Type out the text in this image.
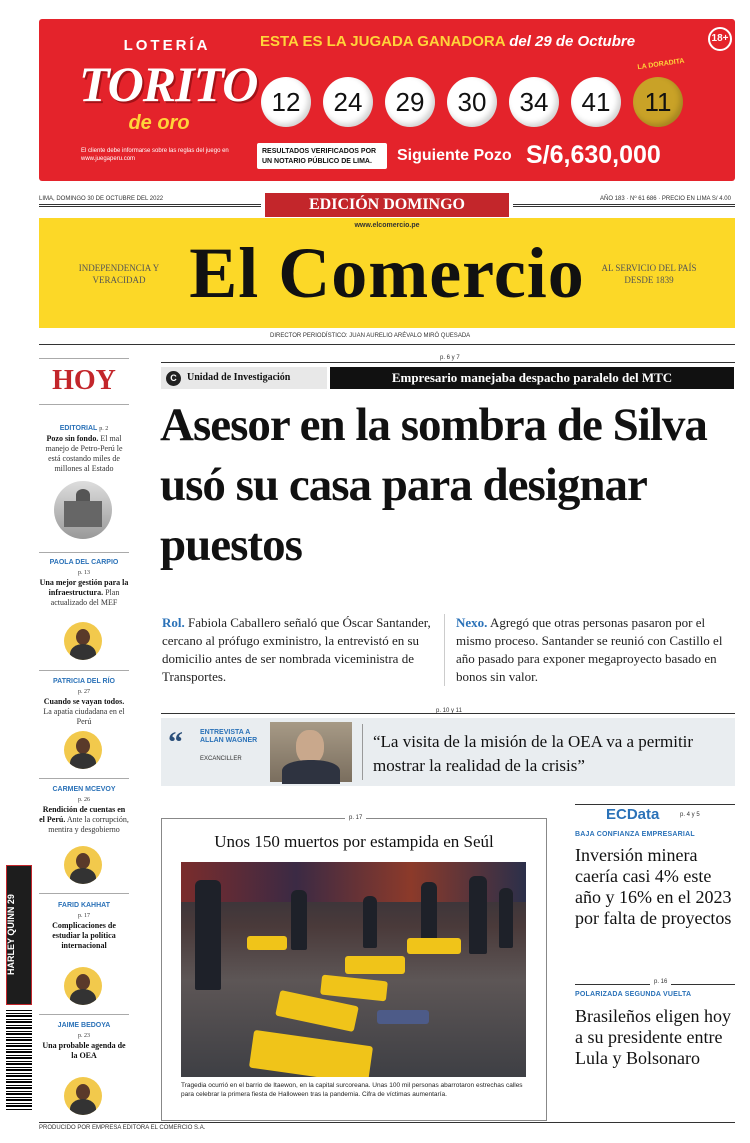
LOTERÍA
TORITO
de oro
El cliente debe informarse sobre las reglas del juego en www.juegaperu.com
ESTA ES LA JUGADA GANADORA del 29 de Octubre	18+
12	24	29	30	34	41
LA DORADITA
11
RESULTADOS VERIFICADOS POR UN NOTARIO PÚBLICO DE LIMA.	Siguiente Pozo S/6,630,000
LIMA, DOMINGO 30 DE OCTUBRE DEL 2022	AÑO 183 · Nº 61 686 · PRECIO EN LIMA S/ 4.00
EDICIÓN DOMINGO
www.elcomercio.pe
El Comercio
INDEPENDENCIA Y VERACIDAD
AL SERVICIO DEL PAÍS DESDE 1839
DIRECTOR PERIODÍSTICO: JUAN AURELIO ARÉVALO MIRÓ QUESADA
HOY
EDITORIAL p. 2
Pozo sin fondo. El mal manejo de Petro-Perú le está costando miles de millones al Estado
PAOLA DEL CARPIO
p. 13
Una mejor gestión para la infraestructura. Plan actualizado del MEF
PATRICIA DEL RÍO
p. 27
Cuando se vayan todos. La apatía ciudadana en el Perú
CARMEN MCEVOY
p. 26
Rendición de cuentas en el Perú. Ante la corrupción, mentira y desgobierno
FARID KAHHAT
p. 17
Complicaciones de estudiar la política internacional
JAIME BEDOYA
p. 23
Una probable agenda de la OEA
HARLEY QUINN 29
p. 6 y 7
Unidad de Investigación
C	Empresario manejaba despacho paralelo del MTC
Asesor en la sombra de Silva usó su casa para designar puestos
Rol. Fabiola Caballero señaló que Óscar Santander, cercano al prófugo exministro, la entrevistó en su domicilio antes de ser nombrada viceministra de Transportes.
Nexo. Agregó que otras personas pasaron por el mismo proceso. Santander se reunió con Castillo el año pasado para exponer megaproyecto basado en bonos sin valor.
p. 10 y 11
“ ENTREVISTA A ALLAN WAGNER
EXCANCILLER
“La visita de la misión de la OEA va a permitir mostrar la realidad de la crisis”
p. 17
Unos 150 muertos por estampida en Seúl
Tragedia ocurrió en el barrio de Itaewon, en la capital surcoreana. Unas 100 mil personas abarrotaron estrechas calles para celebrar la primera fiesta de Halloween tras la pandemia. Cifra de víctimas aumentaría.
ECData	p. 4 y 5
BAJA CONFIANZA EMPRESARIAL
Inversión minera caería casi 4% este año y 16% en el 2023 por falta de proyectos
p. 16
POLARIZADA SEGUNDA VUELTA
Brasileños eligen hoy a su presidente entre Lula y Bolsonaro
PRODUCIDO POR EMPRESA EDITORA EL COMERCIO S.A.
